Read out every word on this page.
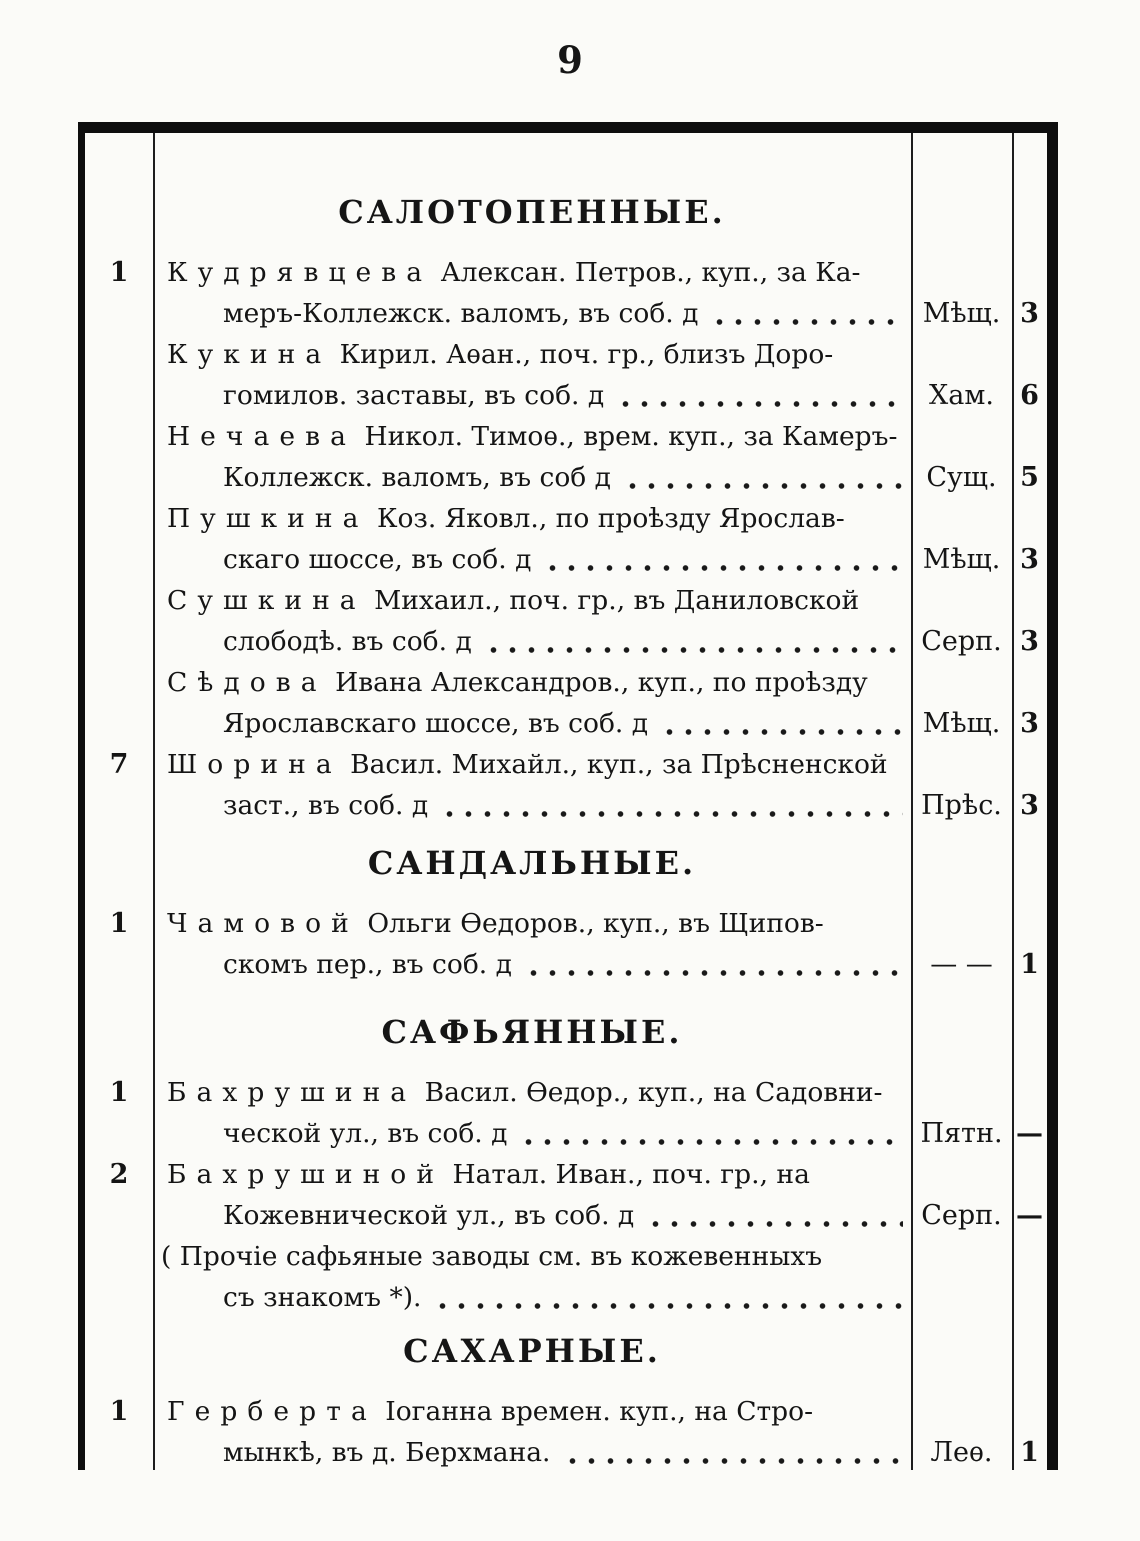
9
САЛОТОПЕННЫЕ.
1	Кудрявцева Алексан. Петров., куп., за Ка-
меръ-Коллежск. валомъ, въ соб. д	Мѣщ. 3
Кукина Кирил. Аѳан., поч. гр., близъ Доро-
гомилов. заставы, въ соб. д	Хам. 6
Нечаева Никол. Тимоѳ., врем. куп., за Камеръ-
Коллежск. валомъ, въ соб д	Сущ. 5
Пушкина Коз. Яковл., по проѣзду Ярослав-
скаго шоссе, въ соб. д	Мѣщ. 3
Сушкина Михаил., поч. гр., въ Даниловской
слободѣ. въ соб. д	Серп. 3
Сѣдова Ивана Александров., куп., по проѣзду
Ярославскаго шоссе, въ соб. д	Мѣщ. 3
7	Шорина Васил. Михайл., куп., за Прѣсненской
заст., въ соб. д	Прѣс. 3
САНДАЛЬНЫЕ.
1	Чамовой Ольги Ѳедоров., куп., въ Щипов-
скомъ пер., въ соб. д	— —	1
САФЬЯННЫЕ.
1	Бахрушина Васил. Ѳедор., куп., на Садовни-
ческой ул., въ соб. д	Пятн. —
2	Бахрушиной Натал. Иван., поч. гр., на
Кожевнической ул., въ соб. д	Серп. —
( Прочіе сафьяные заводы см. въ кожевенныхъ
съ знакомъ *).
САХАРНЫЕ.
1	Герберта Іоганна времен. куп., на Стро-
мынкѣ, въ д. Берхмана.	Леѳ.	1
